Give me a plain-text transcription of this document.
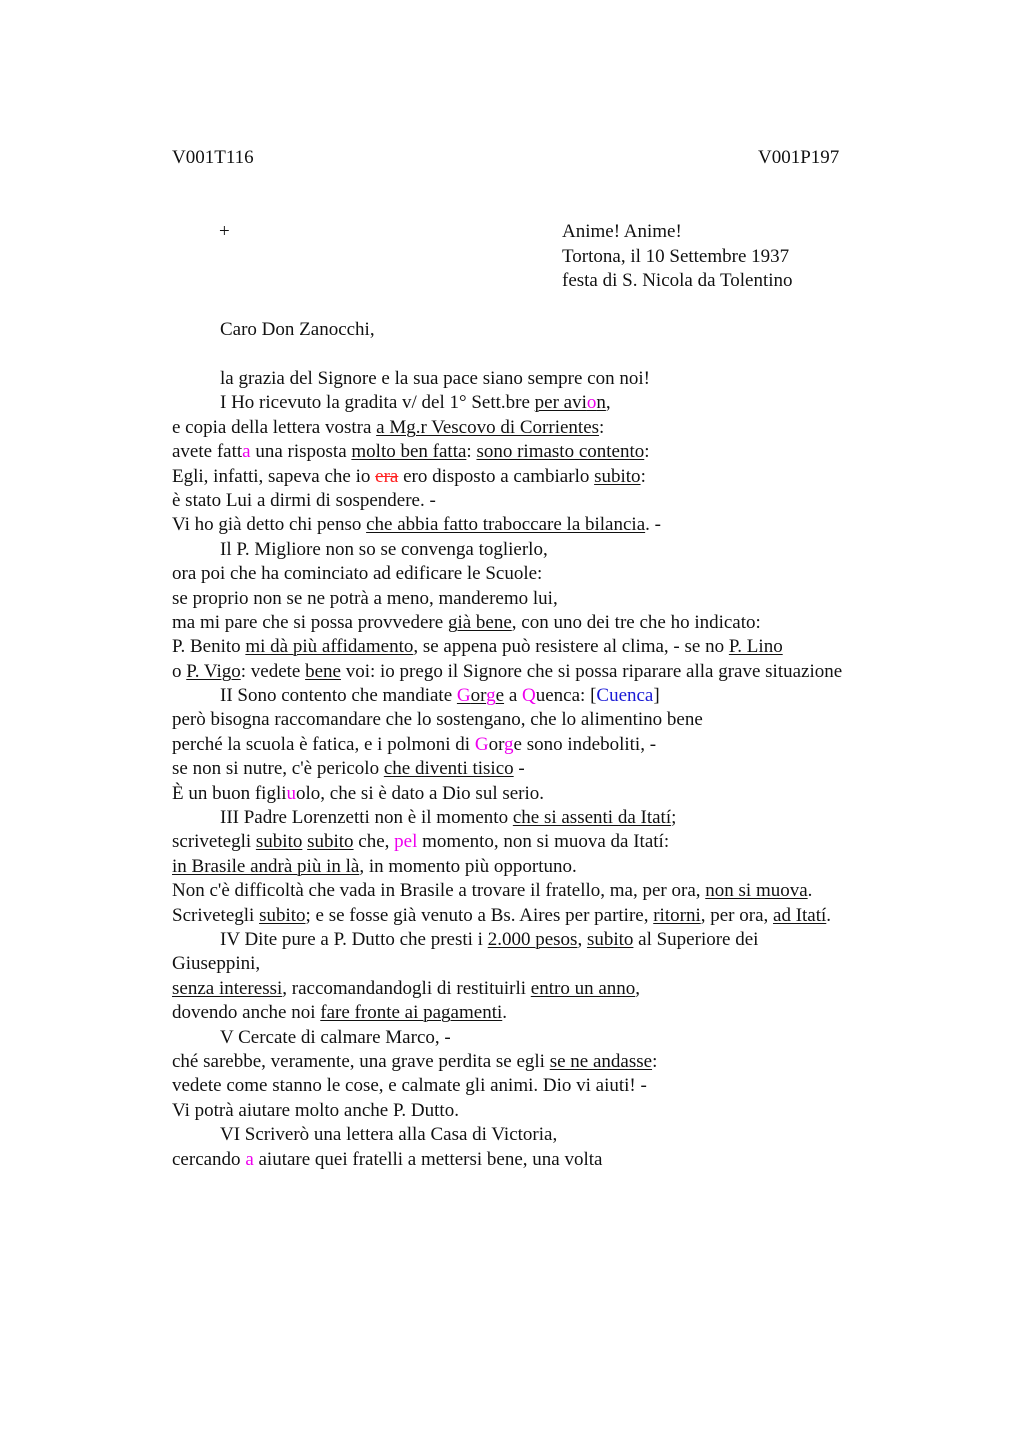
V001T116	V001P197
+	Anime! Anime!
Tortona, il 10 Settembre 1937
festa di S. Nicola da Tolentino
Caro Don Zanocchi,
la grazia del Signore e la sua pace siano sempre con noi!
I Ho ricevuto la gradita v/ del 1° Sett.bre per avion,
e copia della lettera vostra a Mg.r Vescovo di Corrientes:
avete fatta una risposta molto ben fatta: sono rimasto contento:
Egli, infatti, sapeva che io era ero disposto a cambiarlo subito:
è stato Lui a dirmi di sospendere. -
Vi ho già detto chi penso che abbia fatto traboccare la bilancia. -
Il P. Migliore non so se convenga toglierlo,
ora poi che ha cominciato ad edificare le Scuole:
se proprio non se ne potrà a meno, manderemo lui,
ma mi pare che si possa provvedere già bene, con uno dei tre che ho indicato:
P. Benito mi dà più affidamento, se appena può resistere al clima, - se no P. Lino
o P. Vigo: vedete bene voi: io prego il Signore che si possa riparare alla grave situazione
II Sono contento che mandiate Gorge a Quenca: [Cuenca]
però bisogna raccomandare che lo sostengano, che lo alimentino bene
perché la scuola è fatica, e i polmoni di Gorge sono indeboliti, -
se non si nutre, c'è pericolo che diventi tisico -
È un buon figliuolo, che si è dato a Dio sul serio.
III Padre Lorenzetti non è il momento che si assenti da Itatí;
scrivetegli subito subito che, pel momento, non si muova da Itatí:
in Brasile andrà più in là, in momento più opportuno.
Non c'è difficoltà che vada in Brasile a trovare il fratello, ma, per ora, non si muova.
Scrivetegli subito; e se fosse già venuto a Bs. Aires per partire, ritorni, per ora, ad Itatí.
IV Dite pure a P. Dutto che presti i 2.000 pesos, subito al Superiore dei
Giuseppini,
senza interessi, raccomandandogli di restituirli entro un anno,
dovendo anche noi fare fronte ai pagamenti.
V Cercate di calmare Marco, -
ché sarebbe, veramente, una grave perdita se egli se ne andasse:
vedete come stanno le cose, e calmate gli animi. Dio vi aiuti! -
Vi potrà aiutare molto anche P. Dutto.
VI Scriverò una lettera alla Casa di Victoria,
cercando a aiutare quei fratelli a mettersi bene, una volta
